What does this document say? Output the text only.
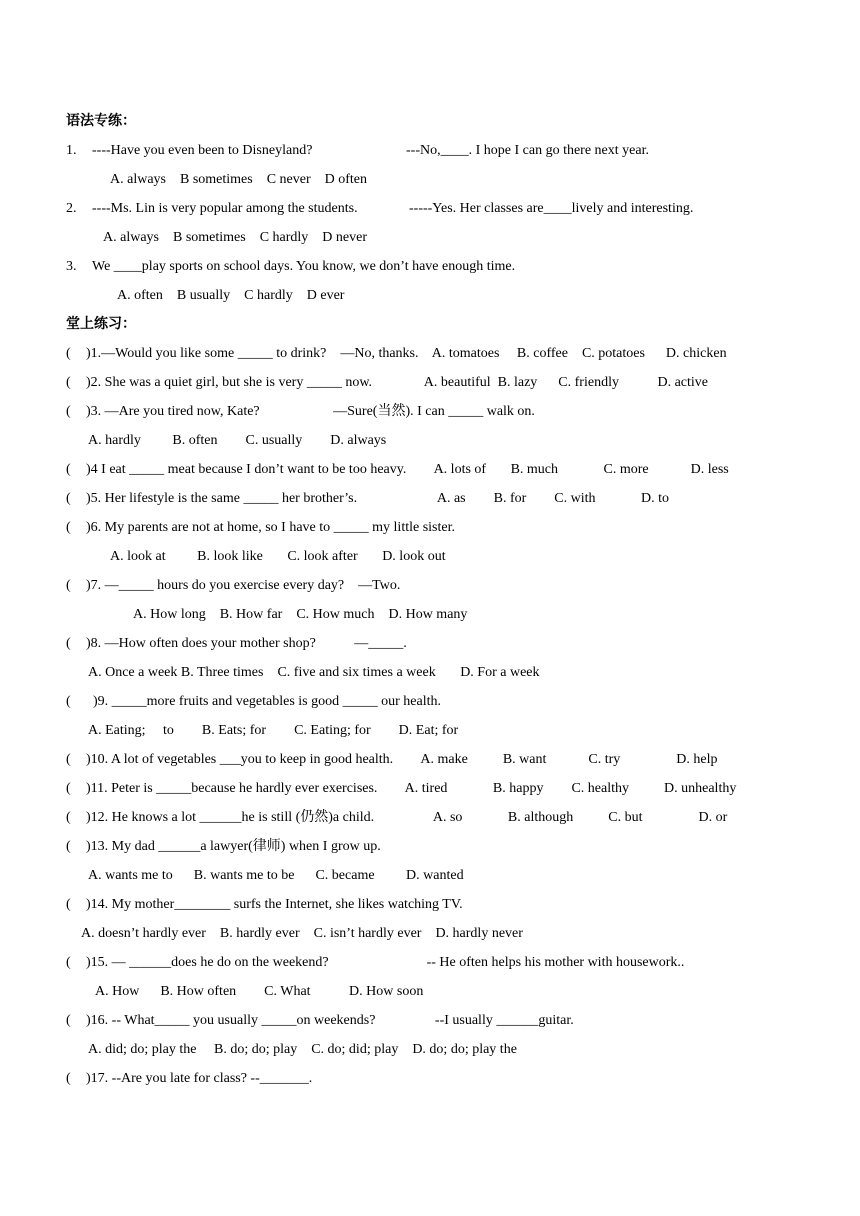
语法专练：
1. ----Have you even been to Disneyland?	---No,____. I hope I can go there next year.
A. always    B sometimes    C never    D often
2. ----Ms. Lin is very popular among the students.	-----Yes. Her classes are____lively and interesting.
A. always    B sometimes    C hardly    D never
3. We ____play sports on school days. You know, we don’t have enough time.
A. often    B usually    C hardly    D ever
堂上练习：
( )1.—Would you like some _____ to drink?    —No, thanks.    A. tomatoes     B. coffee    C. potatoes      D. chicken
( )2. She was a quiet girl, but she is very _____ now.               A. beautiful  B. lazy      C. friendly           D. active
( )3. —Are you tired now, Kate?                     —Sure(当然). I can _____ walk on.
A. hardly         B. often        C. usually        D. always
( )4 I eat _____ meat because I don’t want to be too heavy.        A. lots of       B. much             C. more            D. less
( )5. Her lifestyle is the same _____ her brother’s.                       A. as        B. for        C. with             D. to
( )6. My parents are not at home, so I have to _____ my little sister.
A. look at         B. look like       C. look after       D. look out
( )7. —_____ hours do you exercise every day?    —Two.
A. How long    B. How far    C. How much    D. How many
( )8. —How often does your mother shop?           —_____.
A. Once a week B. Three times    C. five and six times a week       D. For a week
( )9. _____more fruits and vegetables is good _____ our health.
A. Eating;     to        B. Eats; for        C. Eating; for        D. Eat; for
( )10. A lot of vegetables ___you to keep in good health.        A. make          B. want            C. try                D. help
( )11. Peter is _____because he hardly ever exercises.        A. tired             B. happy        C. healthy          D. unhealthy
( )12. He knows a lot ______he is still (仍然)a child.                 A. so             B. although          C. but                D. or
( )13. My dad ______a lawyer(律师) when I grow up.
A. wants me to      B. wants me to be      C. became         D. wanted
( )14. My mother________ surfs the Internet, she likes watching TV.
A. doesn’t hardly ever    B. hardly ever    C. isn’t hardly ever    D. hardly never
( )15. — ______does he do on the weekend?                            -- He often helps his mother with housework..
A. How      B. How often        C. What           D. How soon
( )16. -- What_____ you usually _____on weekends?                 --I usually ______guitar.
A. did; do; play the     B. do; do; play    C. do; did; play    D. do; do; play the
( )17. --Are you late for class? --_______.
